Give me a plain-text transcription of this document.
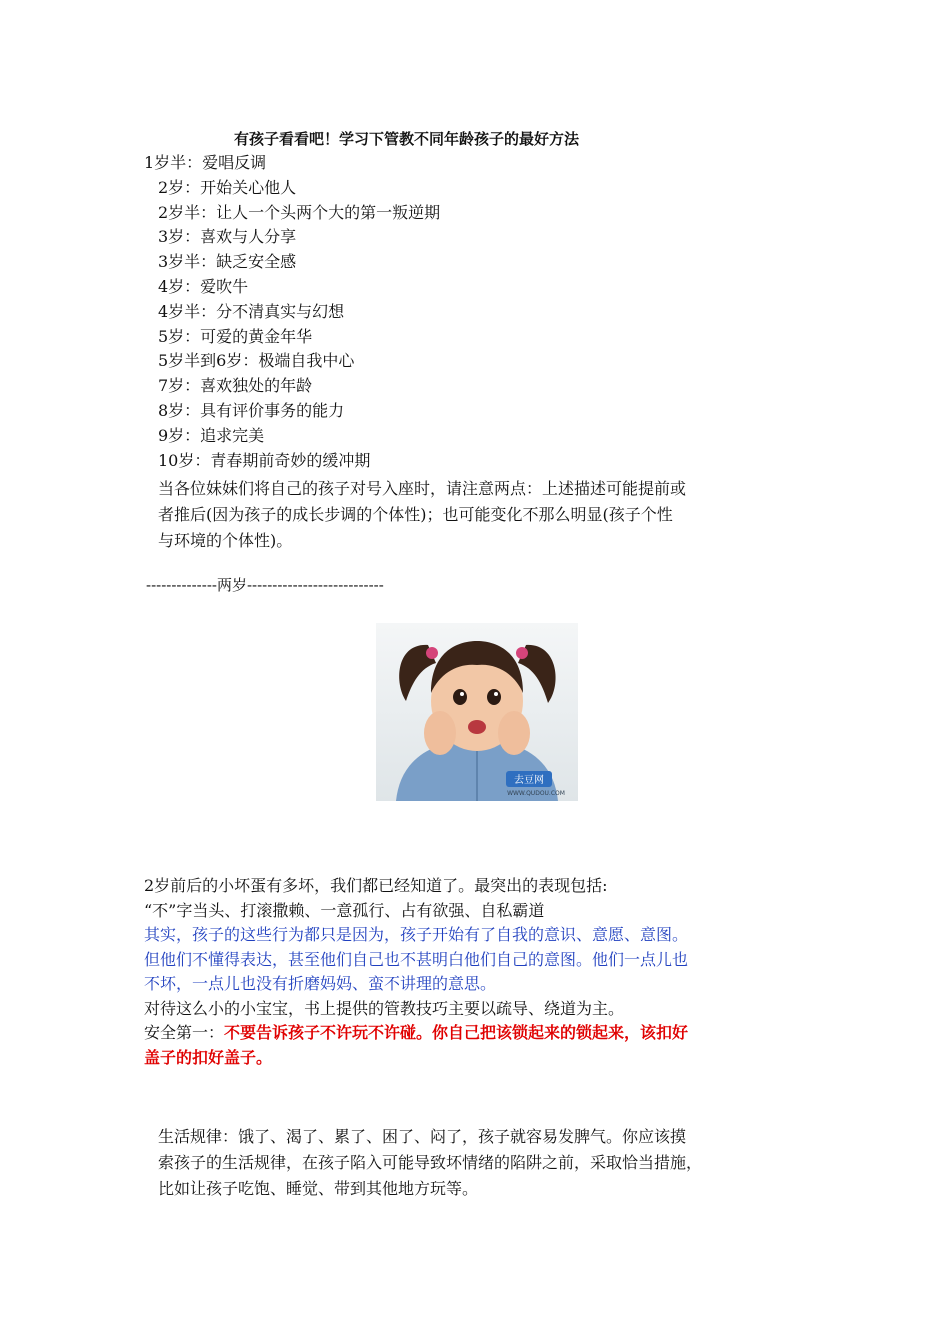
有孩子看看吧！学习下管教不同年龄孩子的最好方法
1岁半：爱唱反调
2岁：开始关心他人
2岁半：让人一个头两个大的第一叛逆期
3岁：喜欢与人分享
3岁半：缺乏安全感
4岁：爱吹牛
4岁半：分不清真实与幻想
5岁：可爱的黄金年华
5岁半到6岁：极端自我中心
7岁：喜欢独处的年龄
8岁：具有评价事务的能力
9岁：追求完美
10岁：青春期前奇妙的缓冲期
当各位妹妹们将自己的孩子对号入座时，请注意两点：上述描述可能提前或
者推后(因为孩子的成长步调的个体性)；也可能变化不那么明显(孩子个性
与环境的个体性)。
--------------两岁---------------------------
去豆网
WWW.QUDOU.COM
2岁前后的小坏蛋有多坏，我们都已经知道了。最突出的表现包括:
“不”字当头、打滚撒赖、一意孤行、占有欲强、自私霸道
其实，孩子的这些行为都只是因为，孩子开始有了自我的意识、意愿、意图。
但他们不懂得表达，甚至他们自己也不甚明白他们自己的意图。他们一点儿也
不坏，一点儿也没有折磨妈妈、蛮不讲理的意思。
对待这么小的小宝宝，书上提供的管教技巧主要以疏导、绕道为主。
安全第一：不要告诉孩子不许玩不许碰。你自己把该锁起来的锁起来，该扣好
盖子的扣好盖子。
生活规律：饿了、渴了、累了、困了、闷了，孩子就容易发脾气。你应该摸
索孩子的生活规律，在孩子陷入可能导致坏情绪的陷阱之前，采取恰当措施，
比如让孩子吃饱、睡觉、带到其他地方玩等。
